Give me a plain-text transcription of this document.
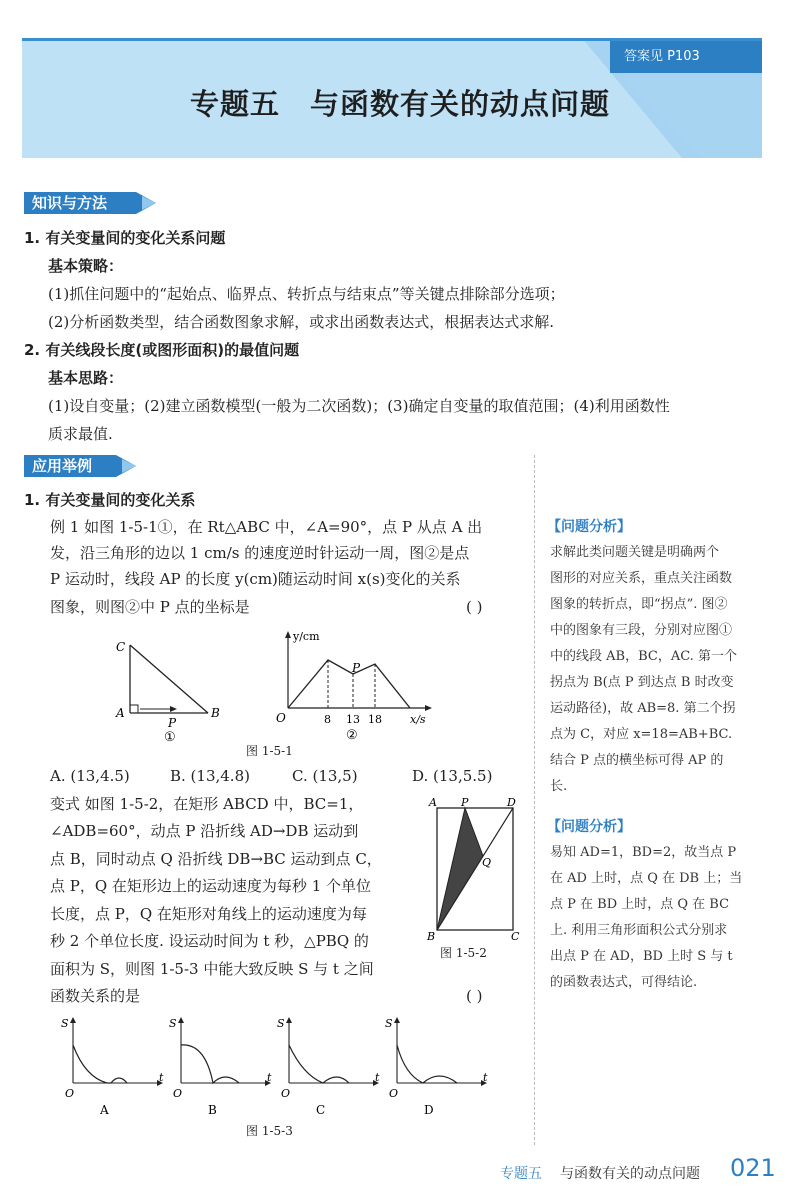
答案见 P103
专题五　与函数有关的动点问题
知识与方法
1. 有关变量间的变化关系问题
基本策略：
(1)抓住问题中的“起始点、临界点、转折点与结束点”等关键点排除部分选项；
(2)分析函数类型，结合函数图象求解，或求出函数表达式，根据表达式求解.
2. 有关线段长度(或图形面积)的最值问题
基本思路：
(1)设自变量；(2)建立函数模型(一般为二次函数)；(3)确定自变量的取值范围；(4)利用函数性
质求最值.
应用举例
1. 有关变量间的变化关系
例 1 如图 1-5-1①，在 Rt△ABC 中，∠A=90°，点 P 从点 A 出
发，沿三角形的边以 1 cm/s 的速度逆时针运动一周，图②是点
P 运动时，线段 AP 的长度 y(cm)随运动时间 x(s)变化的关系
图象，则图②中 P 点的坐标是	( )
C
A	B
P
①
y/cm
x/s
O
P
8 13 18
②
图 1-5-1
A. (13,4.5)	B. (13,4.8)	C. (13,5)	D. (13,5.5)
变式 如图 1-5-2，在矩形 ABCD 中，BC=1，
∠ADB=60°，动点 P 沿折线 AD→DB 运动到
点 B，同时动点 Q 沿折线 DB→BC 运动到点 C，
点 P，Q 在矩形边上的运动速度为每秒 1 个单位
长度，点 P，Q 在矩形对角线上的运动速度为每
秒 2 个单位长度. 设运动时间为 t 秒，△PBQ 的
面积为 S，则图 1-5-3 中能大致反映 S 与 t 之间
函数关系的是	( )
A P	D
Q
B	C
图 1-5-2
S
t
O
A
S
t
O
B
S
t
O
C
S
t
O
D
图 1-5-3
【问题分析】
求解此类问题关键是明确两个
图形的对应关系，重点关注函数
图象的转折点，即“拐点”. 图②
中的图象有三段，分别对应图①
中的线段 AB，BC，AC. 第一个
拐点为 B(点 P 到达点 B 时改变
运动路径)，故 AB=8. 第二个拐
点为 C，对应 x=18=AB+BC.
结合 P 点的横坐标可得 AP 的
长.
【问题分析】
易知 AD=1，BD=2，故当点 P
在 AD 上时，点 Q 在 DB 上；当
点 P 在 BD 上时，点 Q 在 BC
上. 利用三角形面积公式分别求
出点 P 在 AD，BD 上时 S 与 t
的函数表达式，可得结论.
专题五 与函数有关的动点问题 021
